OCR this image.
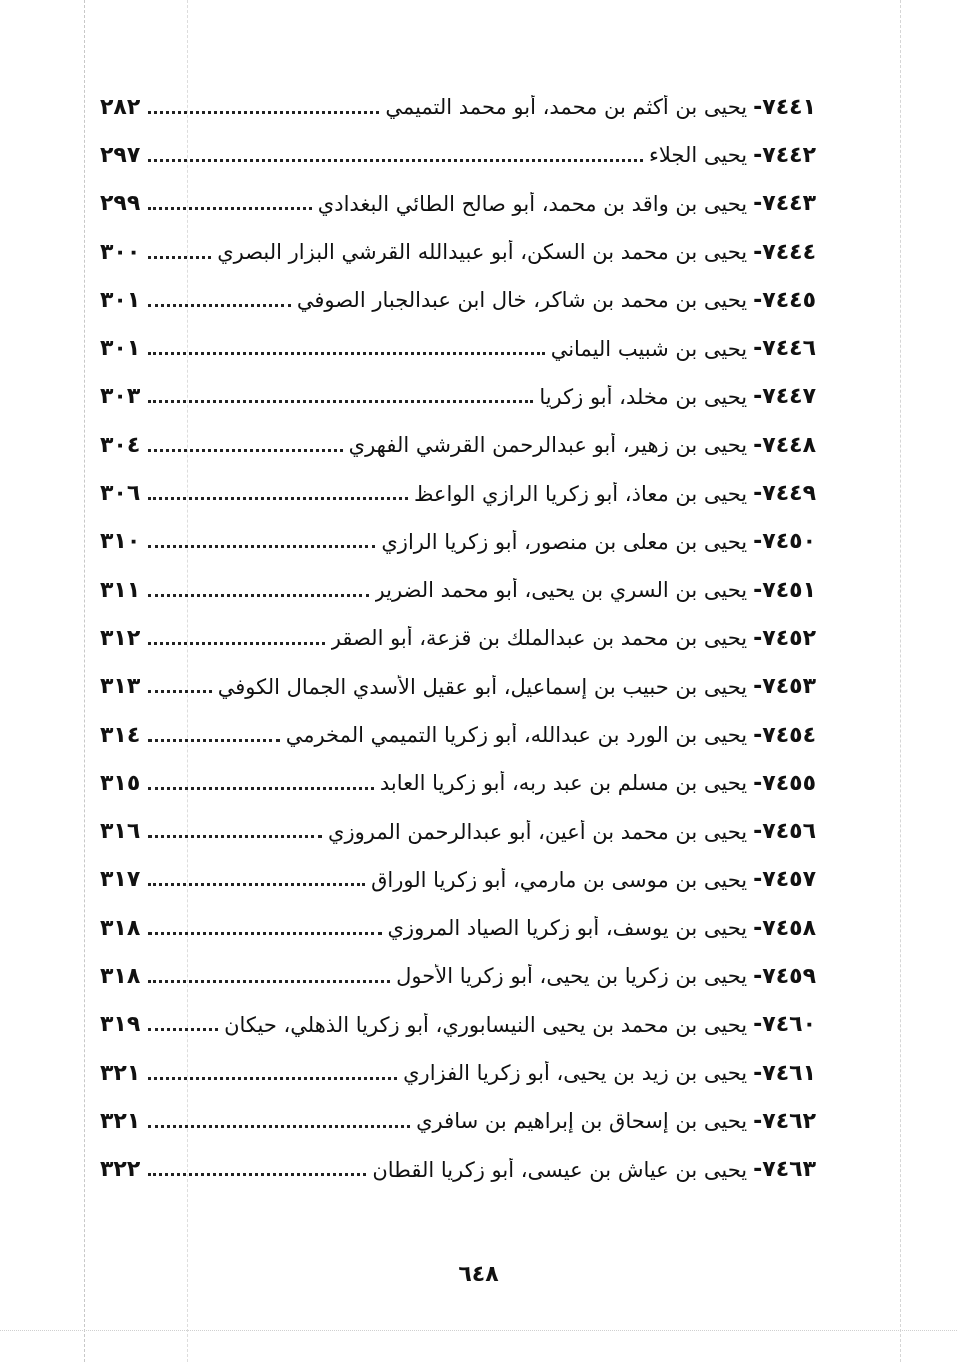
٧٤٤١
-
يحيى بن أكثم بن محمد، أبو محمد التميمي
٢٨٢
٧٤٤٢
-
يحيى الجلاء
٢٩٧
٧٤٤٣
-
يحيى بن واقد بن محمد، أبو صالح الطائي البغدادي
٢٩٩
٧٤٤٤
-
يحيى بن محمد بن السكن، أبو عبيدالله القرشي البزار البصري
٣٠٠
٧٤٤٥
-
يحيى بن محمد بن شاكر، خال ابن عبدالجبار الصوفي
٣٠١
٧٤٤٦
-
يحيى بن شبيب اليماني
٣٠١
٧٤٤٧
-
يحيى بن مخلد، أبو زكريا
٣٠٣
٧٤٤٨
-
يحيى بن زهير، أبو عبدالرحمن القرشي الفهري
٣٠٤
٧٤٤٩
-
يحيى بن معاذ، أبو زكريا الرازي الواعظ
٣٠٦
٧٤٥٠
-
يحيى بن معلى بن منصور، أبو زكريا الرازي
٣١٠
٧٤٥١
-
يحيى بن السري بن يحيى، أبو محمد الضرير
٣١١
٧٤٥٢
-
يحيى بن محمد بن عبدالملك بن قزعة، أبو الصقر
٣١٢
٧٤٥٣
-
يحيى بن حبيب بن إسماعيل، أبو عقيل الأسدي الجمال الكوفي
٣١٣
٧٤٥٤
-
يحيى بن الورد بن عبدالله، أبو زكريا التميمي المخرمي
٣١٤
٧٤٥٥
-
يحيى بن مسلم بن عبد ربه، أبو زكريا العابد
٣١٥
٧٤٥٦
-
يحيى بن محمد بن أعين، أبو عبدالرحمن المروزي
٣١٦
٧٤٥٧
-
يحيى بن موسى بن مارمي، أبو زكريا الوراق
٣١٧
٧٤٥٨
-
يحيى بن يوسف، أبو زكريا الصياد المروزي
٣١٨
٧٤٥٩
-
يحيى بن زكريا بن يحيى، أبو زكريا الأحول
٣١٨
٧٤٦٠
-
يحيى بن محمد بن يحيى النيسابوري، أبو زكريا الذهلي، حيكان
٣١٩
٧٤٦١
-
يحيى بن زيد بن يحيى، أبو زكريا الفزاري
٣٢١
٧٤٦٢
-
يحيى بن إسحاق بن إبراهيم بن سافري
٣٢١
٧٤٦٣
-
يحيى بن عياش بن عيسى، أبو زكريا القطان
٣٢٢
٦٤٨
